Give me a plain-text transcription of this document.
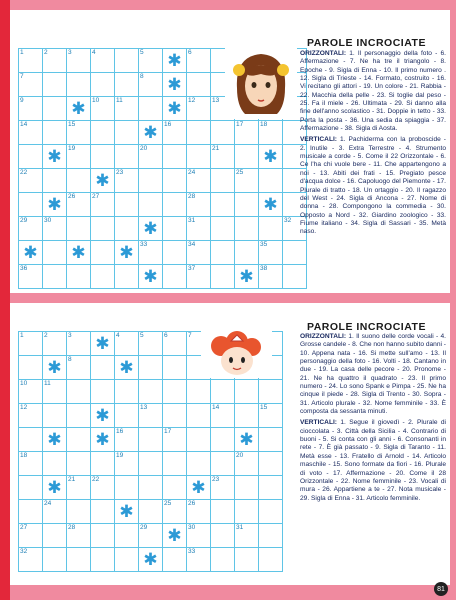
1	2	3	4	5 ✱ 6
7	8 ✱
9	✱ 10	11	✱ 12	13
14	15	✱ 16	17	18
✱ 19	20	21	✱
22	✱ 23	24	25
✱ 26	27	28	✱
29	30	✱	31	32
✱ ✱ ✱ 33	34	35
36	✱	37	✱ 38
PAROLE INCROCIATE

ORIZZONTALI: 1. Il personaggio della foto - 6. Affermazione - 7. Ne ha tre il triangolo - 8. Epoche - 9. Sigla di Enna - 10. Il primo numero . 12. Sigla di Trieste - 14. Formato, costruito - 16. Vi recitano gli attori - 19. Un colore - 21. Rabbia - 22. Macchia della pelle - 23. Si toglie dal peso - 25. Fa il miele - 26. Ultimata - 29. Si danno alla fine dell'anno scolastico - 31. Doppie in tetto - 33. Porta la posta - 36. Una sedia da spiaggia - 37. Affermazione - 38. Sigla di Aosta.

VERTICALI: 1. Pachiderma con la proboscide - 2. Inutile - 3. Extra Terrestre - 4. Strumento musicale a corde - 5. Come il 22 Orizzontale - 6. Ce l'ha chi vuole bere - 11. Che appartengono a noi - 13. Abiti dei frati - 15. Pregiato pesce d'acqua dolce - 16. Capoluogo del Piemonte - 17. Plurale di tratto - 18. Un ortaggio - 20. Il ragazzo del West - 24. Sigla di Ancona - 27. Nome di donna - 28. Compongono la commedia - 30. Opposto a Nord - 32. Giardino zoologico - 33. Fiume italiano - 34. Sigla di Sassari - 35. Metà naso.

1	2	3 ✱ 4	5	6	7
✱ 8	✱
10	11
12	✱	13	14	15
✱ ✱ 16	17	✱
18	19	20
✱ 21	22	✱ 23
24	✱	25	26
27	28	29 ✱ 30	31
32	✱	33
PAROLE INCROCIATE

ORIZZONTALI: 1. Il suono delle corde vocali - 4. Grosse candele - 8. Che non hanno subito danni - 10. Appena nata - 16. Si mette sull'amo - 13. Il personaggio della foto - 16. Volti - 18. Cantano in due - 19. La casa delle pecore - 20. Pronome - 21. Ne ha quattro il quadrato - 23. Il primo numero - 24. Lo sono Spank e Pimpa - 25. Ne ha cinque il piede - 28. Sigla di Trento - 30. Sopra - 31. Articolo plurale - 32. Nome femminile - 33. È composta da sessanta minuti.

VERTICALI: 1. Segue il giovedì - 2. Plurale di cioccolata - 3. Città della Sicilia - 4. Contrario di buoni - 5. Si conta con gli anni - 6. Consonanti in rete - 7. È già passato - 9. Sigla di Taranto - 11. Metà esse - 13. Fratello di Arnold - 14. Articolo maschile - 15. Sono formate da fiori - 16. Plurale di voto - 17. Affermazione - 20. Come il 28 Orizzontale - 22. Nome femminile - 23. Vocali di mura - 26. Appartiene a te - 27. Nota musicale - 29. Sigla di Enna - 31. Articolo femminile.

81
